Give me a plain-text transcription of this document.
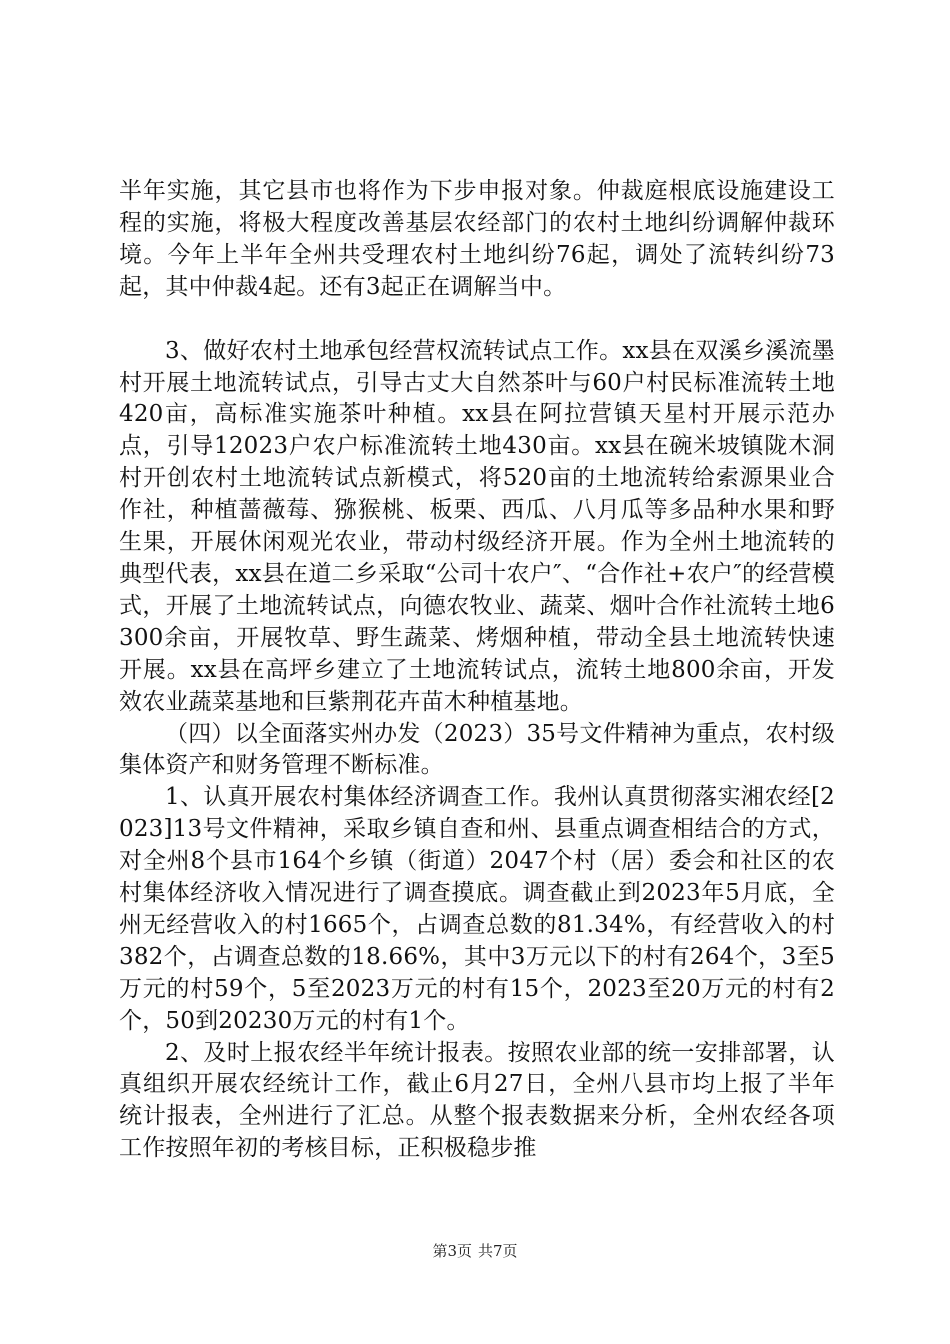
半年实施，其它县市也将作为下步申报对象。仲裁庭根底设施建设工程的实施，将极大程度改善基层农经部门的农村土地纠纷调解仲裁环境。今年上半年全州共受理农村土地纠纷76起，调处了流转纠纷73起，其中仲裁4起。还有3起正在调解当中。

3、做好农村土地承包经营权流转试点工作。xx县在双溪乡溪流墨村开展土地流转试点，引导古丈大自然茶叶与60户村民标准流转土地420亩，高标准实施茶叶种植。xx县在阿拉营镇天星村开展示范办点，引导12023户农户标准流转土地430亩。xx县在碗米坡镇陇木洞村开创农村土地流转试点新模式，将520亩的土地流转给索源果业合作社，种植蔷薇莓、猕猴桃、板栗、西瓜、八月瓜等多品种水果和野生果，开展休闲观光农业，带动村级经济开展。作为全州土地流转的典型代表，xx县在道二乡采取“公司十农户″、“合作社+农户″的经营模式，开展了土地流转试点，向德农牧业、蔬菜、烟叶合作社流转土地6300余亩，开展牧草、野生蔬菜、烤烟种植，带动全县土地流转快速开展。xx县在高坪乡建立了土地流转试点，流转土地800余亩，开发效农业蔬菜基地和巨紫荆花卉苗木种植基地。

（四）以全面落实州办发（2023）35号文件精神为重点，农村级集体资产和财务管理不断标准。

1、认真开展农村集体经济调查工作。我州认真贯彻落实湘农经[2023]13号文件精神，采取乡镇自查和州、县重点调查相结合的方式，对全州8个县市164个乡镇（街道）2047个村（居）委会和社区的农村集体经济收入情况进行了调查摸底。调查截止到2023年5月底，全州无经营收入的村1665个，占调查总数的81.34%，有经营收入的村382个，占调查总数的18.66%，其中3万元以下的村有264个，3至5万元的村59个，5至2023万元的村有15个，2023至20万元的村有2个，50到20230万元的村有1个。

2、及时上报农经半年统计报表。按照农业部的统一安排部署，认真组织开展农经统计工作，截止6月27日，全州八县市均上报了半年统计报表，全州进行了汇总。从整个报表数据来分析，全州农经各项工作按照年初的考核目标，正积极稳步推

第3页 共7页
